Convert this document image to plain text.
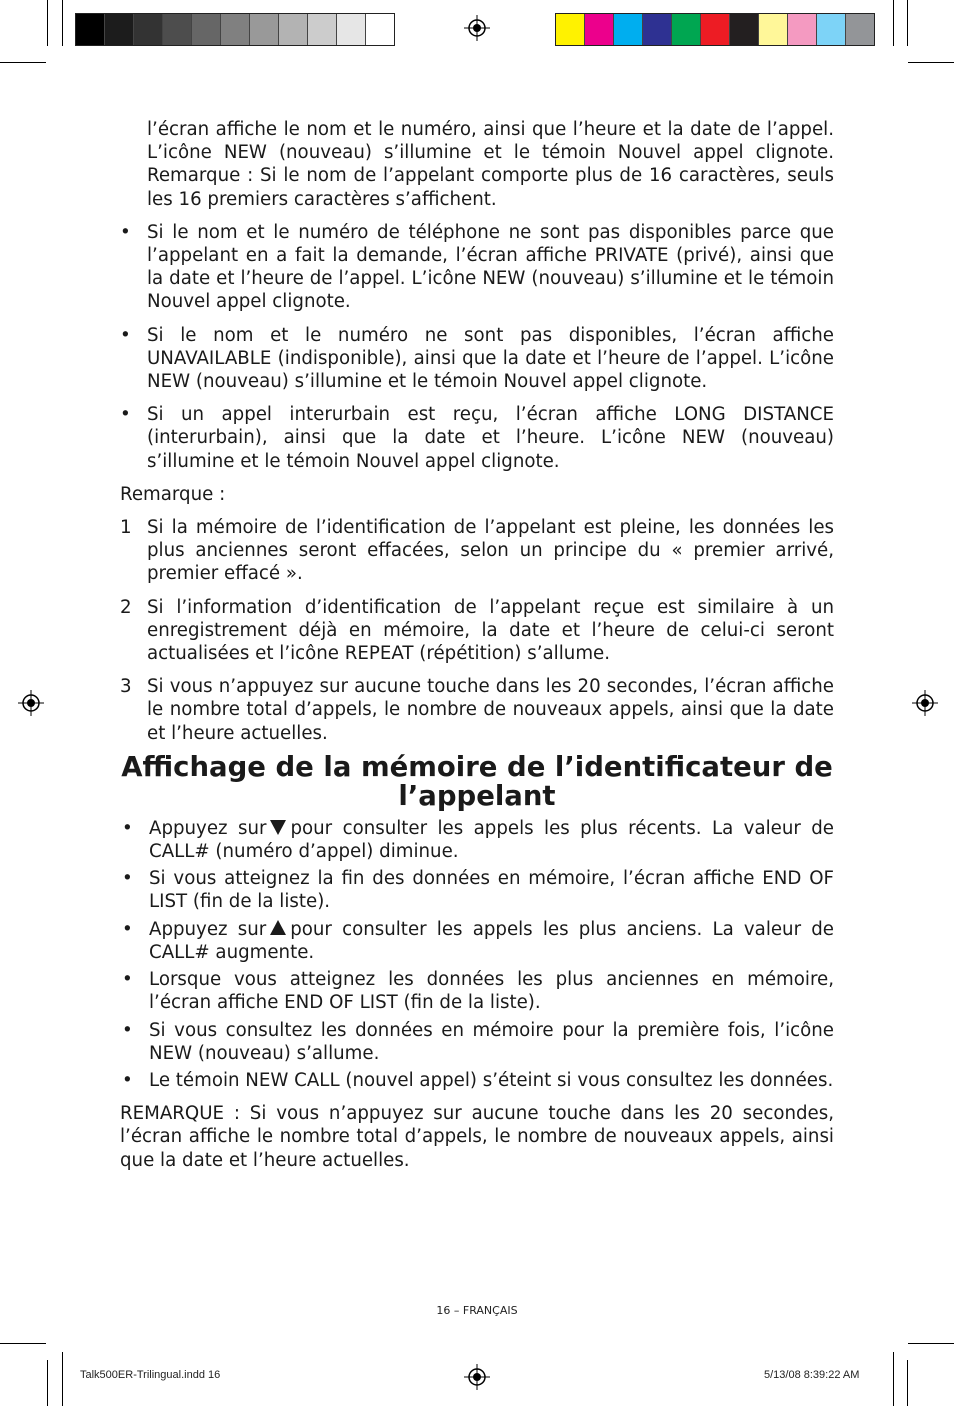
l’écran affiche le nom et le numéro, ainsi que l’heure et la date de l’appel. L’icône NEW (nouveau) s’illumine et le témoin Nouvel appel clignote. Remarque : Si le nom de l’appelant comporte plus de 16 caractères, seuls les 16 premiers caractères s’affichent.

• Si le nom et le numéro de téléphone ne sont pas disponibles parce que l’appelant en a fait la demande, l’écran affiche PRIVATE (privé), ainsi que la date et l’heure de l’appel. L’icône NEW (nouveau) s’illumine et le témoin Nouvel appel clignote.
• Si le nom et le numéro ne sont pas disponibles, l’écran affiche UNAVAILABLE (indisponible), ainsi que la date et l’heure de l’appel. L’icône NEW (nouveau) s’illumine et le témoin Nouvel appel clignote.
• Si un appel interurbain est reçu, l’écran affiche LONG DISTANCE (interurbain), ainsi que la date et l’heure. L’icône NEW (nouveau) s’illumine et le témoin Nouvel appel clignote.

Remarque :

1 Si la mémoire de l’identification de l’appelant est pleine, les données les plus anciennes seront effacées, selon un principe du « premier arrivé, premier effacé ».
2 Si l’information d’identification de l’appelant reçue est similaire à un enregistrement déjà en mémoire, la date et l’heure de celui-ci seront actualisées et l’icône REPEAT (répétition) s’allume.
3 Si vous n’appuyez sur aucune touche dans les 20 secondes, l’écran affiche le nombre total d’appels, le nombre de nouveaux appels, ainsi que la date et l’heure actuelles.
Affichage de la mémoire de l’identificateur de l’appelant
• Appuyez sur pour consulter les appels les plus récents. La valeur de CALL# (numéro d’appel) diminue.
• Si vous atteignez la fin des données en mémoire, l’écran affiche END OF LIST (fin de la liste).
• Appuyez sur pour consulter les appels les plus anciens. La valeur de CALL# augmente.
• Lorsque vous atteignez les données les plus anciennes en mémoire, l’écran affiche END OF LIST (fin de la liste).
• Si vous consultez les données en mémoire pour la première fois, l’icône NEW (nouveau) s’allume.
• Le témoin NEW CALL (nouvel appel) s’éteint si vous consultez les données.

REMARQUE : Si vous n’appuyez sur aucune touche dans les 20 secondes, l’écran affiche le nombre total d’appels, le nombre de nouveaux appels, ainsi que la date et l’heure actuelles.

16 – FRANÇAIS
Talk500ER-Trilingual.indd 16	5/13/08 8:39:22 AM
